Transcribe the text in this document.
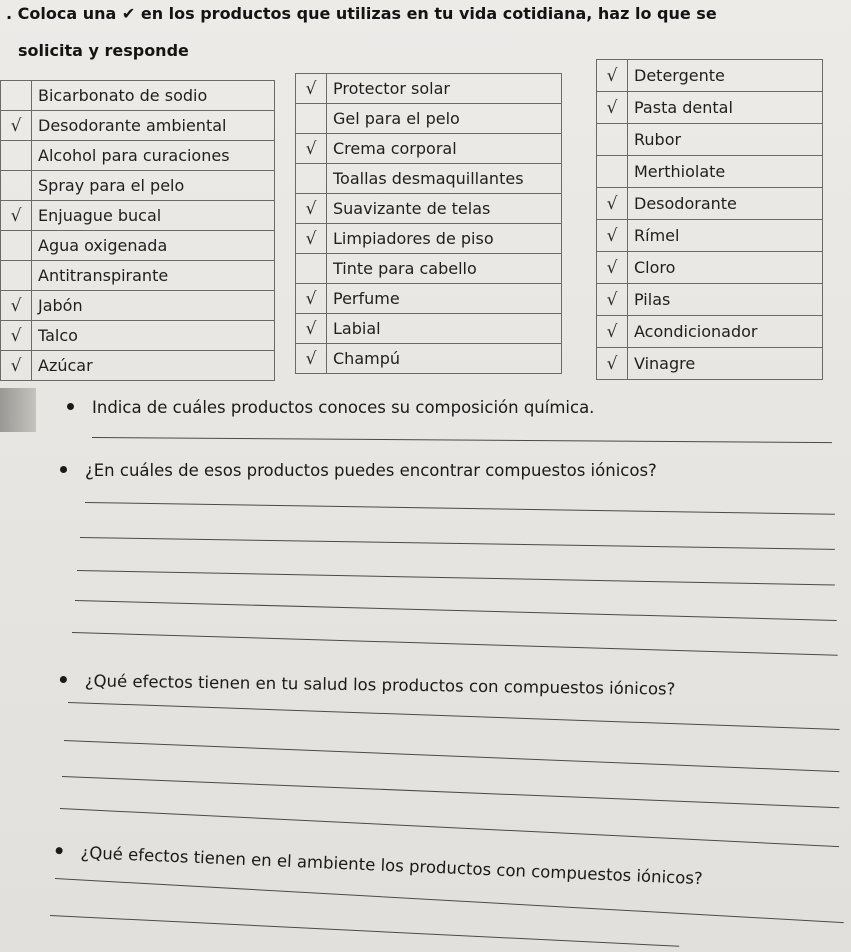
. Coloca una ✔ en los productos que utilizas en tu vida cotidiana, haz lo que se
solicita y responde
	Bicarbonato de sodio
√	Desodorante ambiental
	Alcohol para curaciones
	Spray para el pelo
√	Enjuague bucal
	Agua oxigenada
	Antitranspirante
√	Jabón
√	Talco
√	Azúcar
√	Protector solar
	Gel para el pelo
√	Crema corporal
	Toallas desmaquillantes
√	Suavizante de telas
√	Limpiadores de piso
	Tinte para cabello
√	Perfume
√	Labial
√	Champú
√	Detergente
√	Pasta dental
	Rubor
	Merthiolate
√	Desodorante
√	Rímel
√	Cloro
√	Pilas
√	Acondicionador
√	Vinagre
Indica de cuáles productos conoces su composición química.
¿En cuáles de esos productos puedes encontrar compuestos iónicos?
¿Qué efectos tienen en tu salud los productos con compuestos iónicos?
¿Qué efectos tienen en el ambiente los productos con compuestos iónicos?
